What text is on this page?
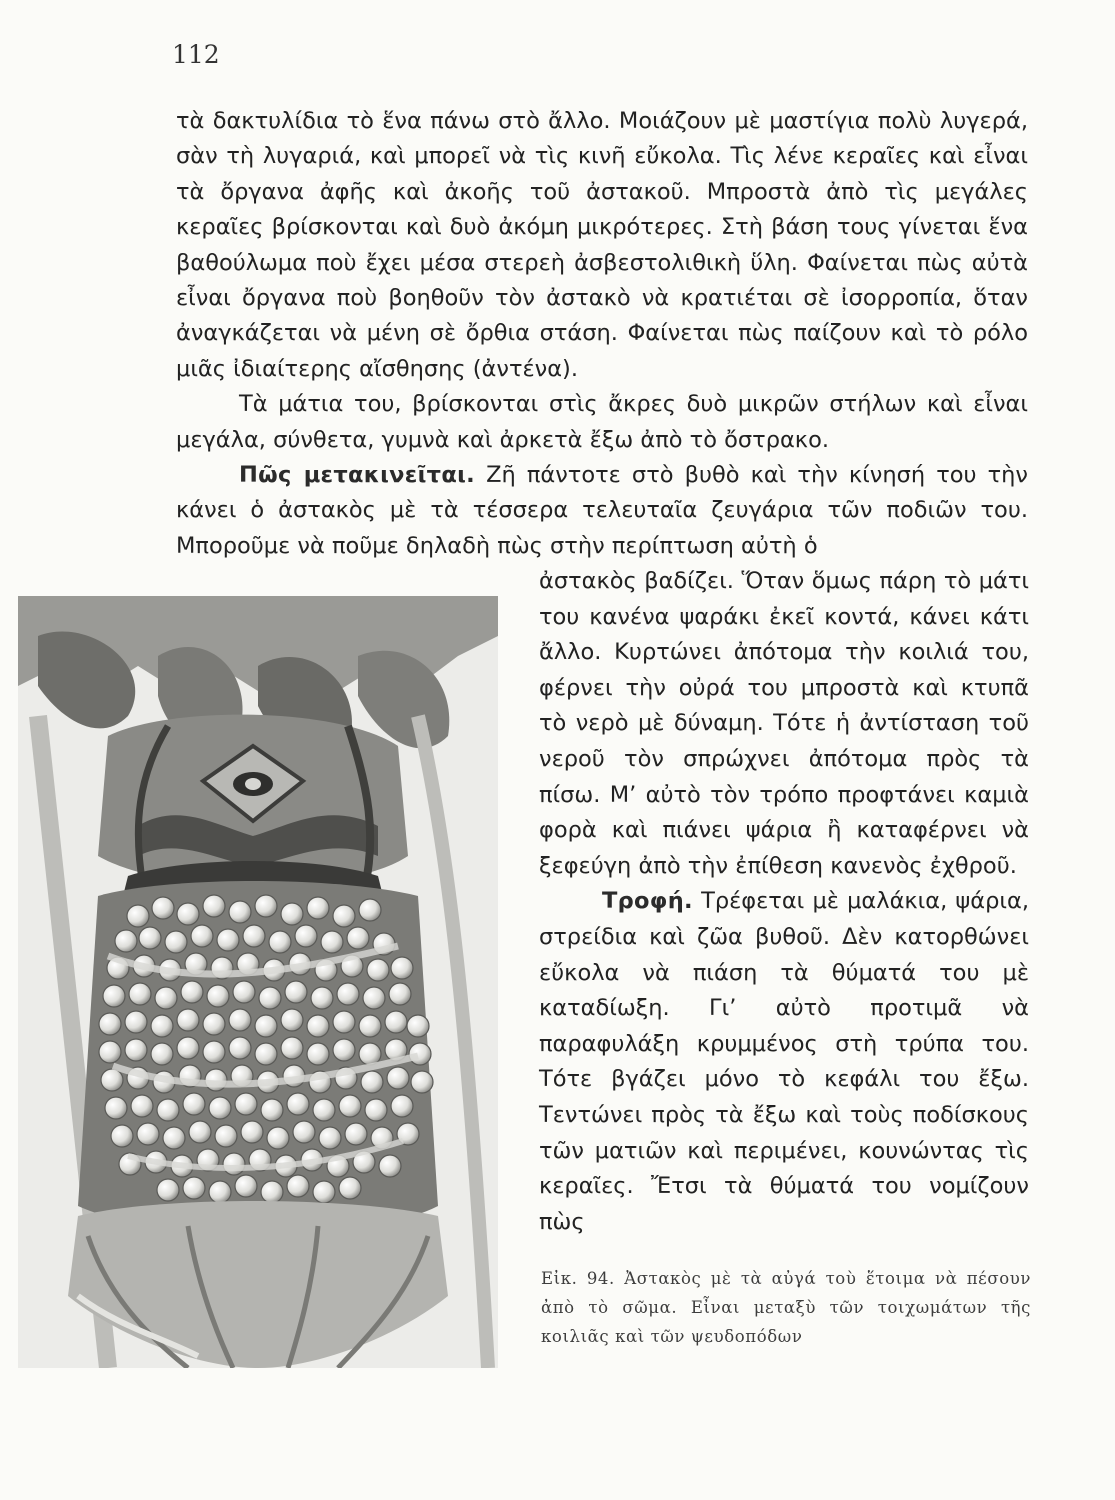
112

τὰ δακτυλίδια τὸ ἕνα πάνω στὸ ἄλλο. Μοιάζουν μὲ μαστίγια πολὺ λυγερά, σὰν τὴ λυγαριά, καὶ μπορεῖ νὰ τὶς κινῆ εὔκολα. Τὶς λένε κεραῖες καὶ εἶναι τὰ ὄργανα ἀφῆς καὶ ἀκοῆς τοῦ ἀστακοῦ. Μπροστὰ ἀπὸ τὶς μεγάλες κεραῖες βρίσκονται καὶ δυὸ ἀκόμη μικρότερες. Στὴ βάση τους γίνεται ἕνα βαθούλωμα ποὺ ἔχει μέσα στερεὴ ἀσβεστολιθικὴ ὕλη. Φαίνεται πὼς αὐτὰ εἶναι ὄργανα ποὺ βοηθοῦν τὸν ἀστακὸ νὰ κρατιέται σὲ ἰσορροπία, ὅταν ἀναγκάζεται νὰ μένη σὲ ὄρθια στάση. Φαίνεται πὼς παίζουν καὶ τὸ ρόλο μιᾶς ἰδιαίτερης αἴσθησης (ἀντένα).

Τὰ μάτια του, βρίσκονται στὶς ἄκρες δυὸ μικρῶν στήλων καὶ εἶναι μεγάλα, σύνθετα, γυμνὰ καὶ ἀρκετὰ ἔξω ἀπὸ τὸ ὄστρακο.

Πῶς μετακινεῖται. Ζῆ πάντοτε στὸ βυθὸ καὶ τὴν κίνησή του τὴν κάνει ὁ ἀστακὸς μὲ τὰ τέσσερα τελευταῖα ζευγάρια τῶν ποδιῶν του. Μποροῦμε νὰ ποῦμε δηλαδὴ πὼς στὴν περίπτωση αὐτὴ ὁ

ἀστακὸς βαδίζει. Ὅταν ὅμως πάρη τὸ μάτι του κανένα ψαράκι ἐκεῖ κοντά, κάνει κάτι ἄλλο. Κυρτώνει ἀπότομα τὴν κοιλιά του, φέρνει τὴν οὐρά του μπροστὰ καὶ κτυπᾶ τὸ νερὸ μὲ δύναμη. Τότε ἡ ἀντίσταση τοῦ νεροῦ τὸν σπρώχνει ἀπότομα πρὸς τὰ πίσω. Μ’ αὐτὸ τὸν τρόπο προφτάνει καμιὰ φορὰ καὶ πιάνει ψάρια ἢ καταφέρνει νὰ ξεφεύγη ἀπὸ τὴν ἐπίθεση κανενὸς ἐχθροῦ.

Τροφή. Τρέφεται μὲ μαλάκια, ψάρια, στρείδια καὶ ζῶα βυθοῦ. Δὲν κατορθώνει εὔκολα νὰ πιάση τὰ θύματά του μὲ καταδίωξη. Γι’ αὐτὸ προτιμᾶ νὰ παραφυλάξη κρυμμένος στὴ τρύπα του. Τότε βγάζει μόνο τὸ κεφάλι του ἔξω. Τεντώνει πρὸς τὰ ἔξω καὶ τοὺς ποδίσκους τῶν ματιῶν καὶ περιμένει, κουνώντας τὶς κεραῖες. Ἔτσι τὰ θύματά του νομίζουν πὼς

Εἰκ. 94. Ἀστακὸς μὲ τὰ αὐγά τοὺ ἕτοιμα νὰ πέσουν ἀπὸ τὸ σῶμα. Εἶναι μεταξὺ τῶν τοιχωμάτων τῆς κοιλιᾶς καὶ τῶν ψευδοπόδων
